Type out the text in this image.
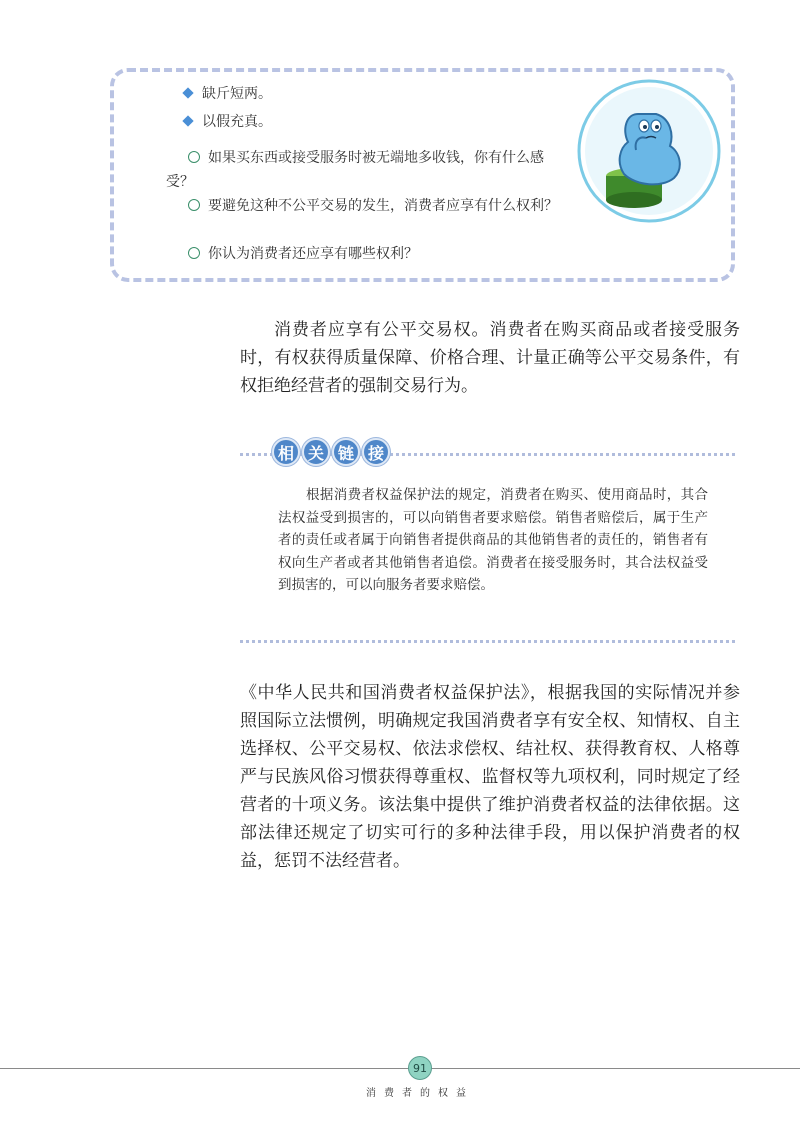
缺斤短两。
以假充真。
如果买东西或接受服务时被无端地多收钱，你有什么感受？
要避免这种不公平交易的发生，消费者应享有什么权利？
你认为消费者还应享有哪些权利？
消费者应享有公平交易权。消费者在购买商品或者接受服务时，有权获得质量保障、价格合理、计量正确等公平交易条件，有权拒绝经营者的强制交易行为。
相 关 链 接
根据消费者权益保护法的规定，消费者在购买、使用商品时，其合法权益受到损害的，可以向销售者要求赔偿。销售者赔偿后，属于生产者的责任或者属于向销售者提供商品的其他销售者的责任的，销售者有权向生产者或者其他销售者追偿。消费者在接受服务时，其合法权益受到损害的，可以向服务者要求赔偿。
《中华人民共和国消费者权益保护法》，根据我国的实际情况并参照国际立法惯例，明确规定我国消费者享有安全权、知情权、自主选择权、公平交易权、依法求偿权、结社权、获得教育权、人格尊严与民族风俗习惯获得尊重权、监督权等九项权利，同时规定了经营者的十项义务。该法集中提供了维护消费者权益的法律依据。这部法律还规定了切实可行的多种法律手段，用以保护消费者的权益，惩罚不法经营者。
91
消费者的权益
